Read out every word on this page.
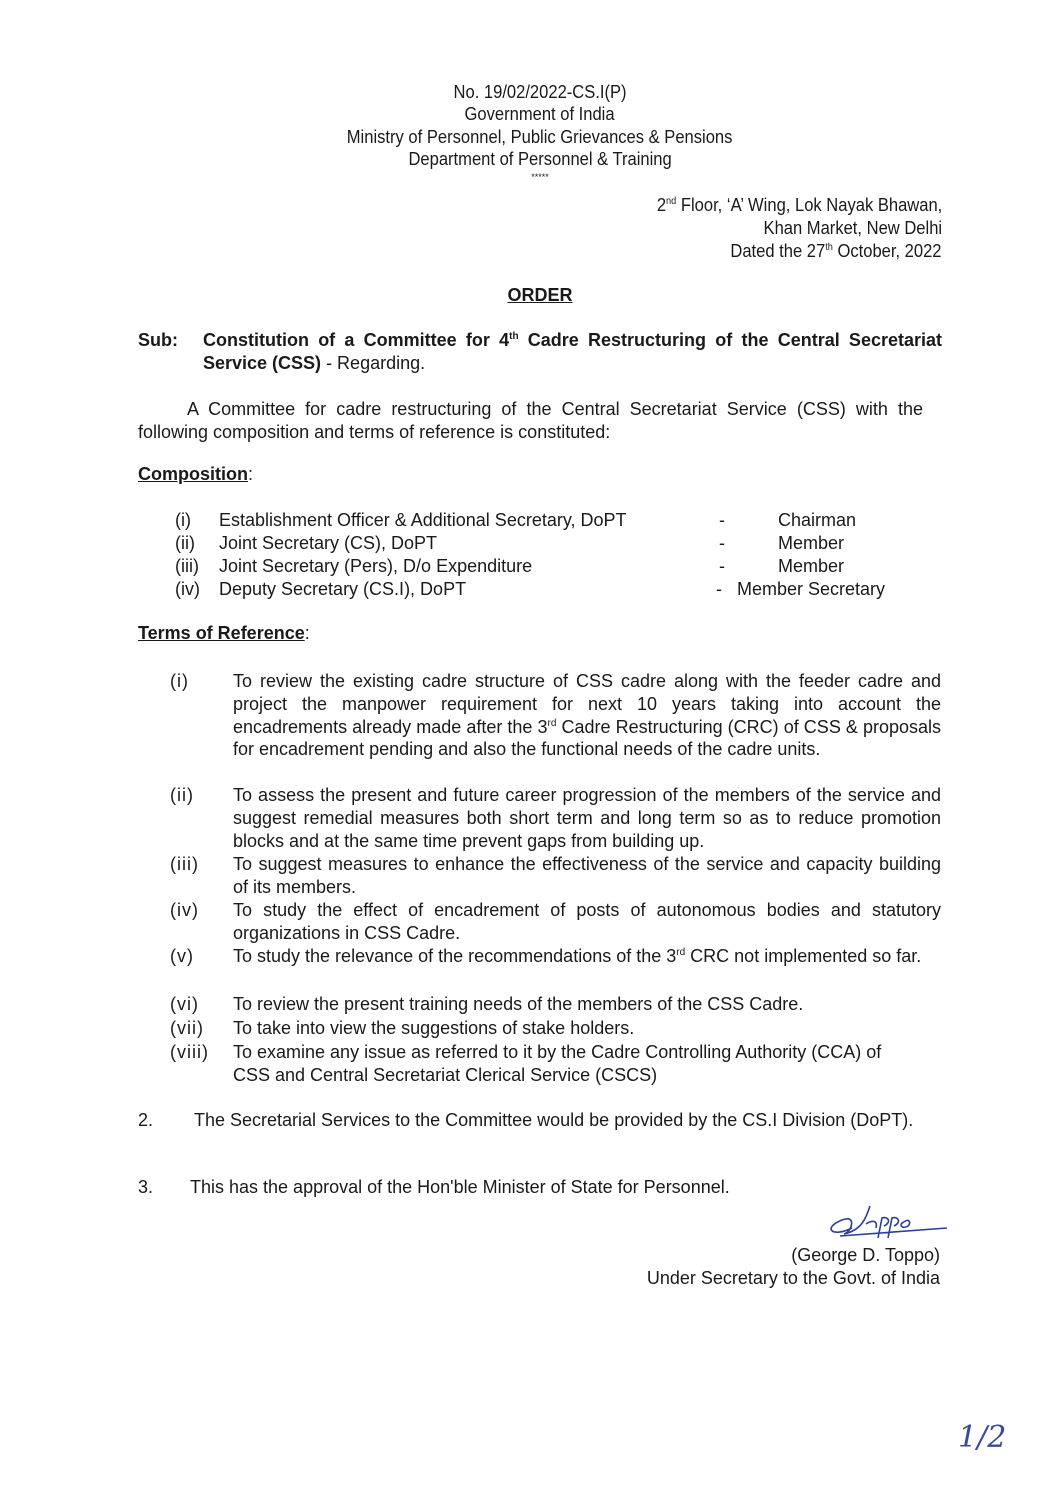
No. 19/02/2022-CS.I(P)
Government of India
Ministry of Personnel, Public Grievances & Pensions
Department of Personnel & Training
*****
2nd Floor, ‘A’ Wing, Lok Nayak Bhawan,
Khan Market, New Delhi
Dated the 27th October, 2022
ORDER
Sub: Constitution of a Committee for 4th Cadre Restructuring of the Central Secretariat Service (CSS) - Regarding.
A Committee for cadre restructuring of the Central Secretariat Service (CSS) with the following composition and terms of reference is constituted:
Composition:
(i) Establishment Officer & Additional Secretary, DoPT	-	Chairman
(ii) Joint Secretary (CS), DoPT	-	Member
(iii) Joint Secretary (Pers), D/o Expenditure	-	Member
(iv) Deputy Secretary (CS.I), DoPT	- Member Secretary
Terms of Reference:
(i) To review the existing cadre structure of CSS cadre along with the feeder cadre and project the manpower requirement for next 10 years taking into account the encadrements already made after the 3rd Cadre Restructuring (CRC) of CSS & proposals for encadrement pending and also the functional needs of the cadre units.
(ii) To assess the present and future career progression of the members of the service and suggest remedial measures both short term and long term so as to reduce promotion blocks and at the same time prevent gaps from building up.
(iii) To suggest measures to enhance the effectiveness of the service and capacity building of its members.
(iv) To study the effect of encadrement of posts of autonomous bodies and statutory organizations in CSS Cadre.
(v) To study the relevance of the recommendations of the 3rd CRC not implemented so far.
(vi) To review the present training needs of the members of the CSS Cadre.
(vii) To take into view the suggestions of stake holders.
(viii) To examine any issue as referred to it by the Cadre Controlling Authority (CCA) of CSS and Central Secretariat Clerical Service (CSCS)
2. The Secretarial Services to the Committee would be provided by the CS.I Division (DoPT).
3. This has the approval of the Hon'ble Minister of State for Personnel.
(George D. Toppo)
Under Secretary to the Govt. of India
1/2
